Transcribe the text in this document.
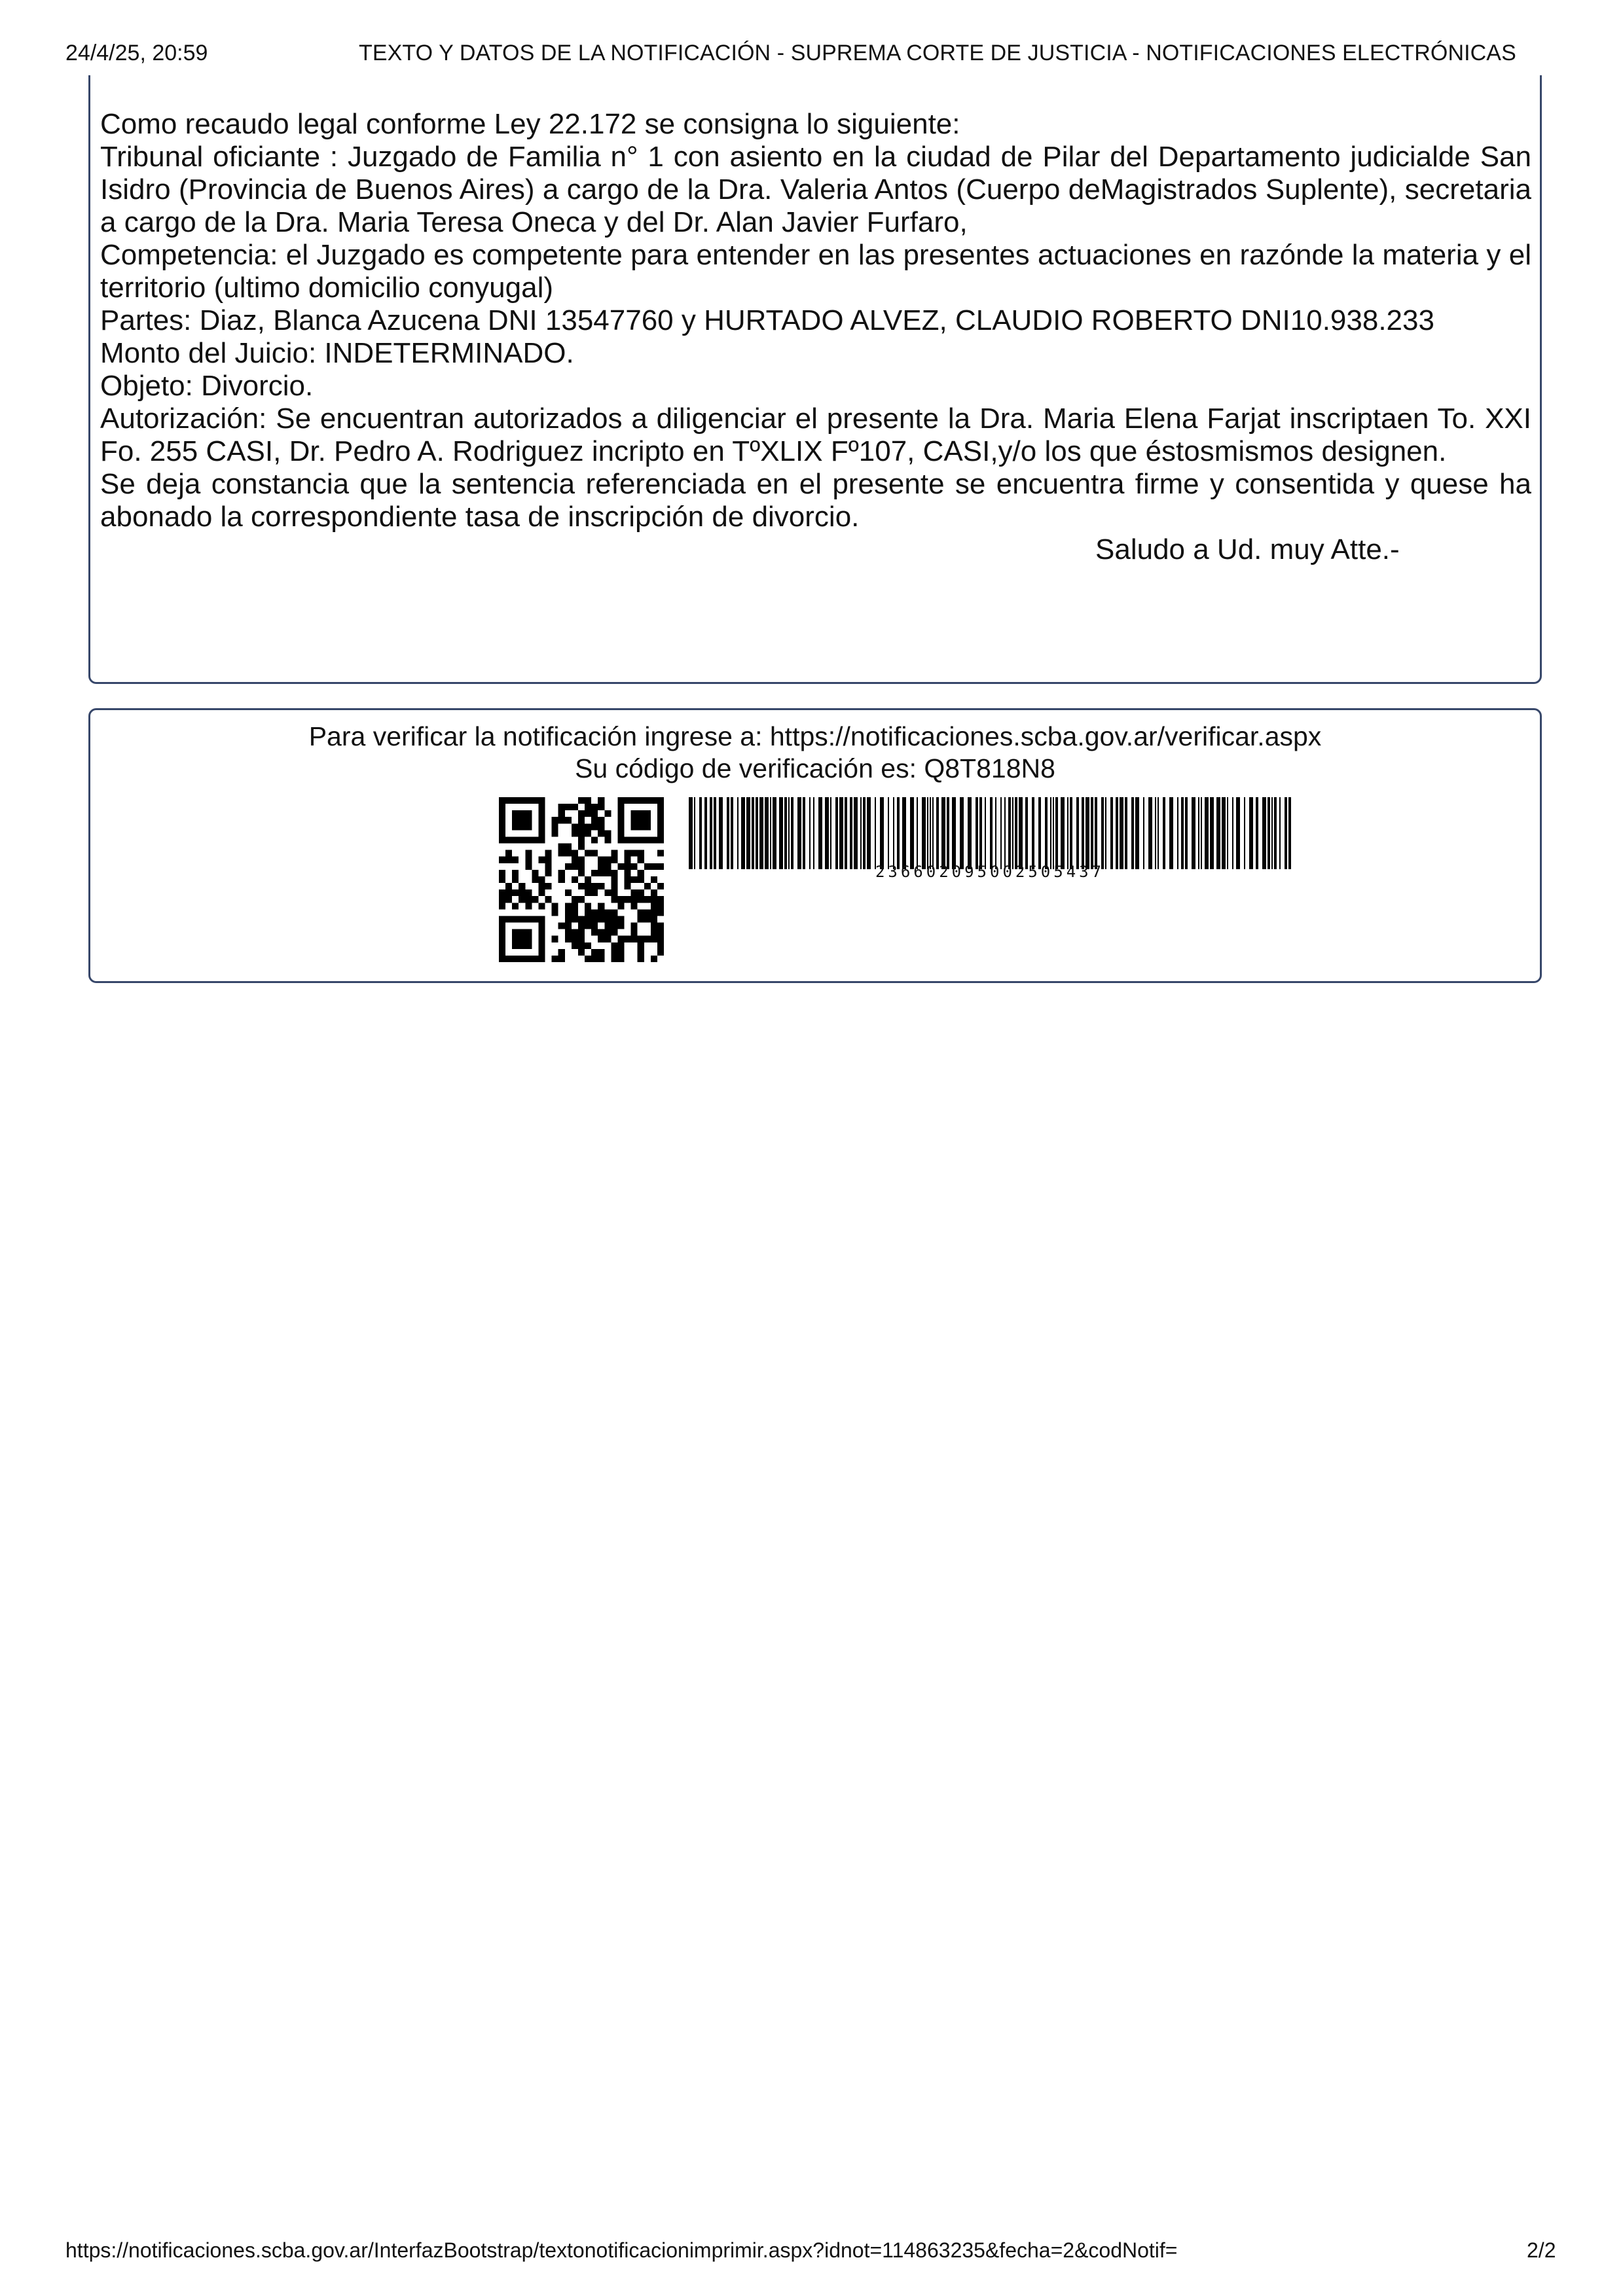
24/4/25, 20:59	TEXTO Y DATOS DE LA NOTIFICACIÓN - SUPREMA CORTE DE JUSTICIA - NOTIFICACIONES ELECTRÓNICAS

Como recaudo legal conforme Ley 22.172 se consigna lo siguiente:

Tribunal oficiante : Juzgado de Familia n° 1 con asiento en la ciudad de Pilar del Departamento judicialde San Isidro (Provincia de Buenos Aires) a cargo de la Dra. Valeria Antos (Cuerpo deMagistrados Suplente), secretaria a cargo de la Dra. Maria Teresa Oneca y del Dr. Alan Javier Furfaro,

Competencia: el Juzgado es competente para entender en las presentes actuaciones en razónde la materia y el territorio (ultimo domicilio conyugal)

Partes: Diaz, Blanca Azucena DNI 13547760 y HURTADO ALVEZ, CLAUDIO ROBERTO DNI10.938.233

Monto del Juicio: INDETERMINADO.

Objeto: Divorcio.

Autorización: Se encuentran autorizados a diligenciar el presente la Dra. Maria Elena Farjat inscriptaen To. XXI Fo. 255 CASI, Dr. Pedro A. Rodriguez incripto en TºXLIX Fº107, CASI,y/o los que éstosmismos designen.

Se deja constancia que la sentencia referenciada en el presente se encuentra firme y consentida y quese ha abonado la correspondiente tasa de inscripción de divorcio.

Saludo a Ud. muy Atte.-

Para verificar la notificación ingrese a: https://notificaciones.scba.gov.ar/verificar.aspx
Su código de verificación es: Q8T818N8
236602095002505437
https://notificaciones.scba.gov.ar/InterfazBootstrap/textonotificacionimprimir.aspx?idnot=114863235&fecha=2&codNotif=	2/2
